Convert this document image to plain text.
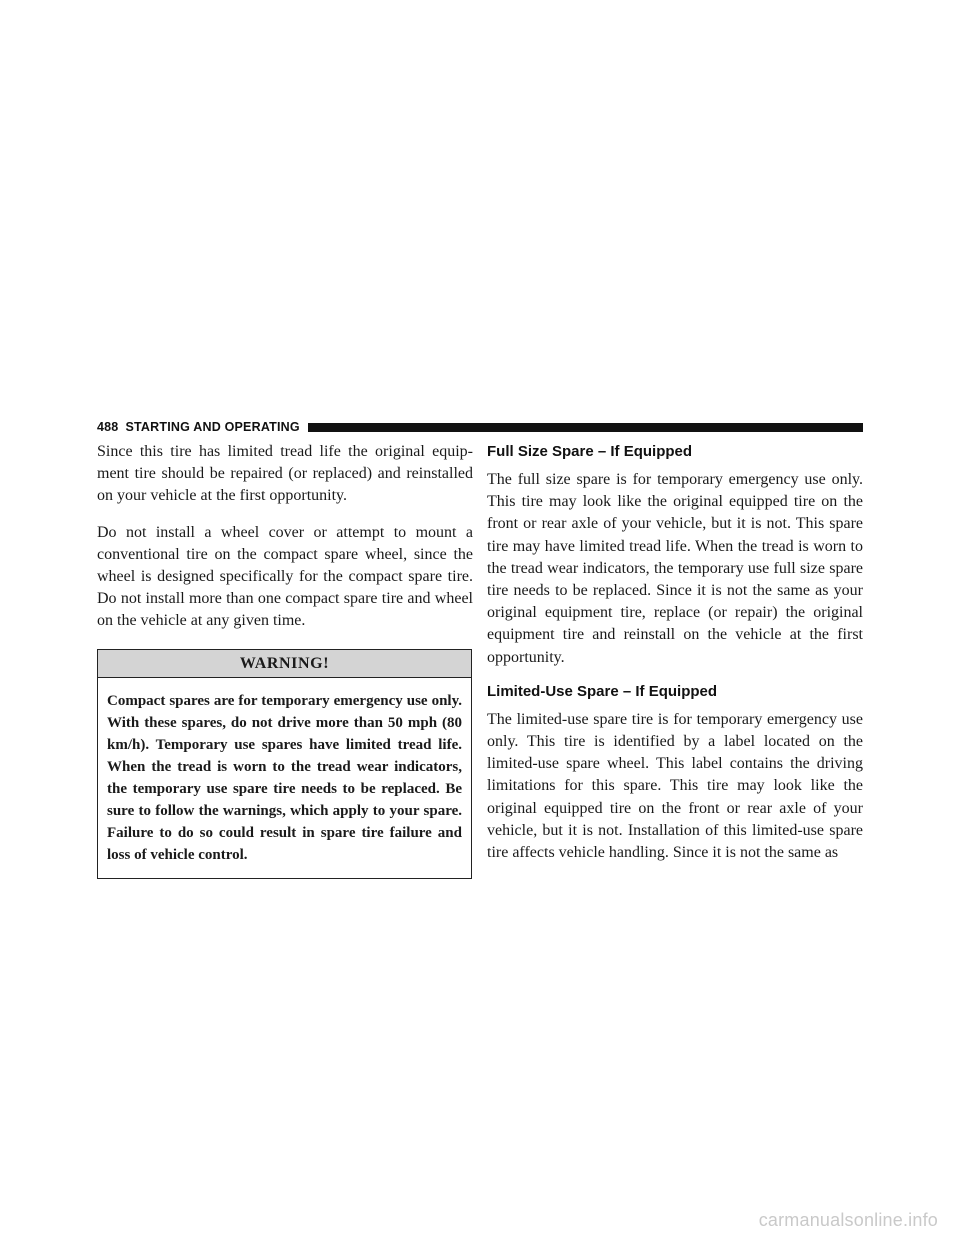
488 STARTING AND OPERATING

Since this tire has limited tread life the original equip-ment tire should be repaired (or replaced) and reinstalled on your vehicle at the first opportunity.

Do not install a wheel cover or attempt to mount a conventional tire on the compact spare wheel, since the wheel is designed specifically for the compact spare tire. Do not install more than one compact spare tire and wheel on the vehicle at any given time.

WARNING!
Compact spares are for temporary emergency use only. With these spares, do not drive more than 50 mph (80 km/h). Temporary use spares have limited tread life. When the tread is worn to the tread wear indicators, the temporary use spare tire needs to be replaced. Be sure to follow the warnings, which apply to your spare. Failure to do so could result in spare tire failure and loss of vehicle control.
Full Size Spare – If Equipped

The full size spare is for temporary emergency use only. This tire may look like the original equipped tire on the front or rear axle of your vehicle, but it is not. This spare tire may have limited tread life. When the tread is worn to the tread wear indicators, the temporary use full size spare tire needs to be replaced. Since it is not the same as your original equipment tire, replace (or repair) the original equipment tire and reinstall on the vehicle at the first opportunity.

Limited-Use Spare – If Equipped

The limited-use spare tire is for temporary emergency use only. This tire is identified by a label located on the limited-use spare wheel. This label contains the driving limitations for this spare. This tire may look like the original equipped tire on the front or rear axle of your vehicle, but it is not. Installation of this limited-use spare tire affects vehicle handling. Since it is not the same as

carmanualsonline.info
